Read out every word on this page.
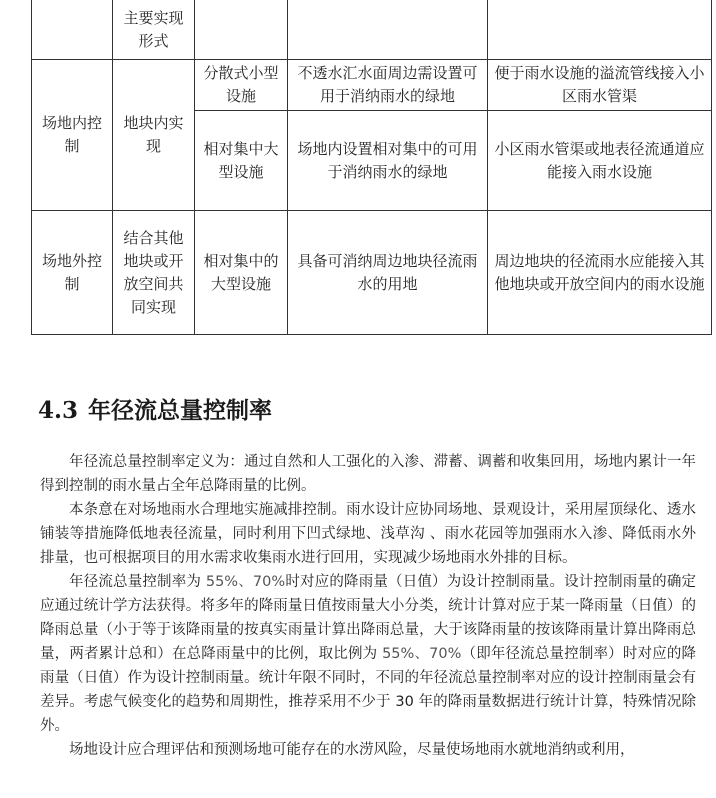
	主要实现形式			
场地内控制	地块内实现	分散式小型设施	不透水汇水面周边需设置可用于消纳雨水的绿地	便于雨水设施的溢流管线接入小区雨水管渠
		相对集中大型设施	场地内设置相对集中的可用于消纳雨水的绿地	小区雨水管渠或地表径流通道应能接入雨水设施
场地外控制	结合其他地块或开放空间共同实现	相对集中的大型设施	具备可消纳周边地块径流雨水的用地	周边地块的径流雨水应能接入其他地块或开放空间内的雨水设施
4.3 年径流总量控制率

年径流总量控制率定义为：通过自然和人工强化的入渗、滞蓄、调蓄和收集回用，场地内累计一年得到控制的雨水量占全年总降雨量的比例。

本条意在对场地雨水合理地实施减排控制。雨水设计应协同场地、景观设计，采用屋顶绿化、透水铺装等措施降低地表径流量，同时利用下凹式绿地、浅草沟 、雨水花园等加强雨水入渗、降低雨水外排量，也可根据项目的用水需求收集雨水进行回用，实现减少场地雨水外排的目标。

年径流总量控制率为 55%、70%时对应的降雨量（日值）为设计控制雨量。设计控制雨量的确定应通过统计学方法获得。将多年的降雨量日值按雨量大小分类，统计计算对应于某一降雨量（日值）的降雨总量（小于等于该降雨量的按真实雨量计算出降雨总量，大于该降雨量的按该降雨量计算出降雨总量，两者累计总和）在总降雨量中的比例，取比例为 55%、70%（即年径流总量控制率）时对应的降雨量（日值）作为设计控制雨量。统计年限不同时，不同的年径流总量控制率对应的设计控制雨量会有差异。考虑气候变化的趋势和周期性，推荐采用不少于 30 年的降雨量数据进行统计计算，特殊情况除外。

场地设计应合理评估和预测场地可能存在的水涝风险，尽量使场地雨水就地消纳或利用，
